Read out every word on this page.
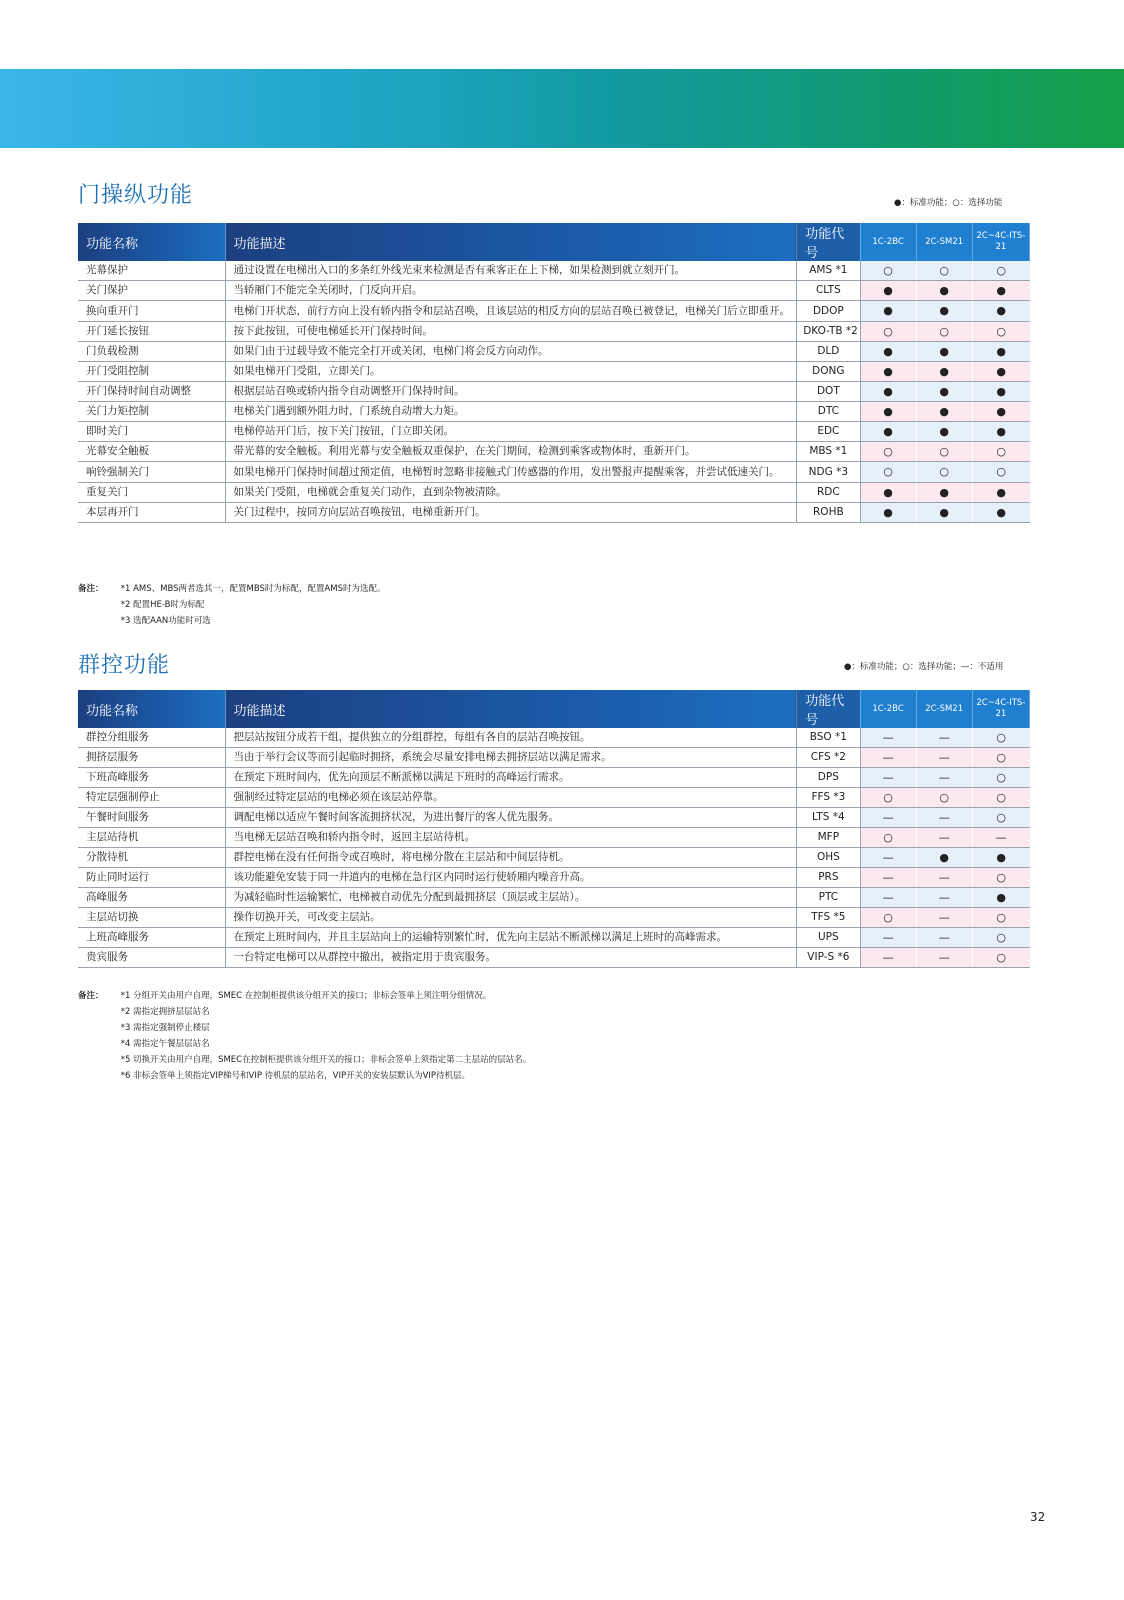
门操纵功能	●：标准功能；○：选择功能
功能名称	功能描述	功能代号	1C-2BC	2C-SM21	2C~4C-ITS-21
光幕保护	通过设置在电梯出入口的多条红外线光束来检测是否有乘客正在上下梯，如果检测到就立刻开门。	AMS *1	○	○	○
关门保护	当轿厢门不能完全关闭时，门反向开启。	CLTS	●	●	●
换向重开门	电梯门开状态，前行方向上没有轿内指令和层站召唤，且该层站的相反方向的层站召唤已被登记，电梯关门后立即重开。	DDOP	●	●	●
开门延长按钮	按下此按钮，可使电梯延长开门保持时间。	DKO-TB *2	○	○	○
门负载检测	如果门由于过载导致不能完全打开或关闭，电梯门将会反方向动作。	DLD	●	●	●
开门受阻控制	如果电梯开门受阻，立即关门。	DONG	●	●	●
开门保持时间自动调整	根据层站召唤或轿内指令自动调整开门保持时间。	DOT	●	●	●
关门力矩控制	电梯关门遇到额外阻力时，门系统自动增大力矩。	DTC	●	●	●
即时关门	电梯停站开门后，按下关门按钮，门立即关闭。	EDC	●	●	●
光幕安全触板	带光幕的安全触板。利用光幕与安全触板双重保护，在关门期间，检测到乘客或物体时，重新开门。	MBS *1	○	○	○
响铃强制关门	如果电梯开门保持时间超过预定值，电梯暂时忽略非接触式门传感器的作用，发出警报声提醒乘客，并尝试低速关门。	NDG *3	○	○	○
重复关门	如果关门受阻，电梯就会重复关门动作，直到杂物被清除。	RDC	●	●	●
本层再开门	关门过程中，按同方向层站召唤按钮，电梯重新开门。	ROHB	●	●	●
备注： *1 AMS、MBS两者选其一，配置MBS时为标配，配置AMS时为选配。
*2 配置HE-B时为标配
*3 选配AAN功能时可选
群控功能	●：标准功能；○：选择功能；—：不适用
功能名称	功能描述	功能代号	1C-2BC	2C-SM21	2C~4C-ITS-21
群控分组服务	把层站按钮分成若干组，提供独立的分组群控，每组有各自的层站召唤按钮。	BSO *1	—	—	○
拥挤层服务	当由于举行会议等而引起临时拥挤，系统会尽量安排电梯去拥挤层站以满足需求。	CFS *2	—	—	○
下班高峰服务	在预定下班时间内，优先向顶层不断派梯以满足下班时的高峰运行需求。	DPS	—	—	○
特定层强制停止	强制经过特定层站的电梯必须在该层站停靠。	FFS *3	○	○	○
午餐时间服务	调配电梯以适应午餐时间客流拥挤状况，为进出餐厅的客人优先服务。	LTS *4	—	—	○
主层站待机	当电梯无层站召唤和轿内指令时，返回主层站待机。	MFP	○	—	—
分散待机	群控电梯在没有任何指令或召唤时，将电梯分散在主层站和中间层待机。	OHS	—	●	●
防止同时运行	该功能避免安装于同一井道内的电梯在急行区内同时运行使轿厢内噪音升高。	PRS	—	—	○
高峰服务	为减轻临时性运输繁忙，电梯被自动优先分配到最拥挤层（顶层或主层站）。	PTC	—	—	●
主层站切换	操作切换开关，可改变主层站。	TFS *5	○	—	○
上班高峰服务	在预定上班时间内，并且主层站向上的运输特别繁忙时，优先向主层站不断派梯以满足上班时的高峰需求。	UPS	—	—	○
贵宾服务	一台特定电梯可以从群控中撤出，被指定用于贵宾服务。	VIP-S *6	—	—	○
备注： *1 分组开关由用户自理，SMEC 在控制柜提供该分组开关的接口；非标会签单上须注明分组情况。
*2 需指定拥挤层层站名
*3 需指定强制停止楼层
*4 需指定午餐层层站名
*5 切换开关由用户自理，SMEC在控制柜提供该分组开关的接口；非标会签单上须指定第二主层站的层站名。
*6 非标会签单上须指定VIP梯号和VIP 待机层的层站名，VIP开关的安装层默认为VIP待机层。
32
